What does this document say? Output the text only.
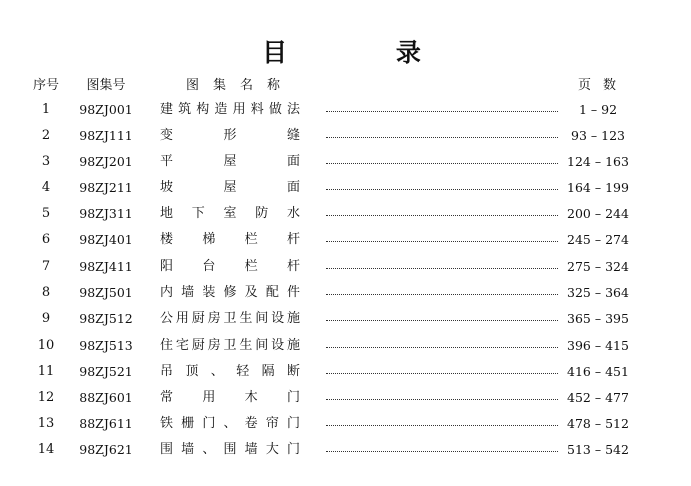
目 录
序号	图集号	图集名称	页数
1	98ZJ001	建筑构造用料做法	1 – 92
2	98ZJ111	变形缝	93 – 123
3	98ZJ201	平屋面	124 – 163
4	98ZJ211	坡屋面	164 – 199
5	98ZJ311	地下室防水	200 – 244
6	98ZJ401	楼梯栏杆	245 – 274
7	98ZJ411	阳台栏杆	275 – 324
8	98ZJ501	内墙装修及配件	325 – 364
9	98ZJ512	公用厨房卫生间设施	365 – 395
10	98ZJ513	住宅厨房卫生间设施	396 – 415
11	98ZJ521	吊顶、轻隔断	416 – 451
12	88ZJ601	常用木门	452 – 477
13	88ZJ611	铁栅门、卷帘门	478 – 512
14	98ZJ621	围墙、围墙大门	513 – 542
